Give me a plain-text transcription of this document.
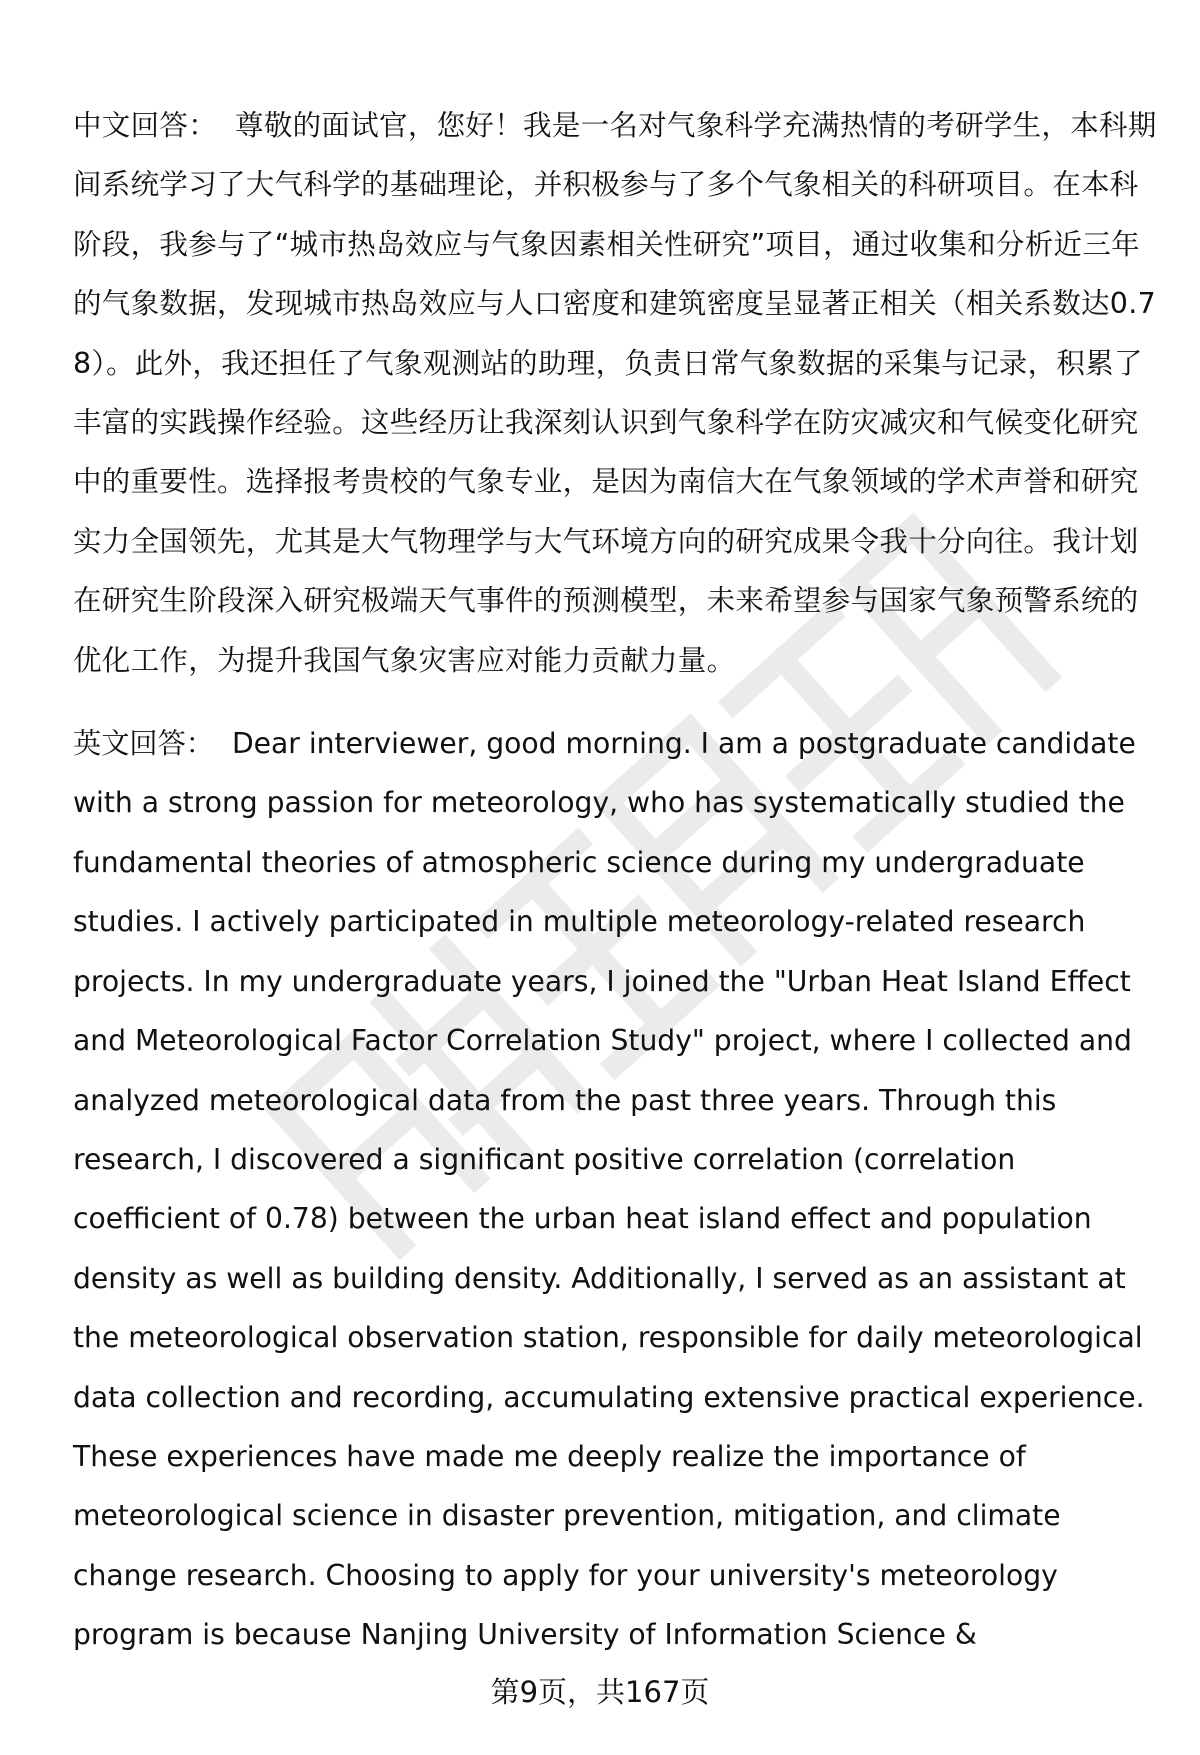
中文回答： 尊敬的面试官，您好！我是一名对气象科学充满热情的考研学生，本科期间系统学习了大气科学的基础理论，并积极参与了多个气象相关的科研项目。在本科阶段，我参与了“城市热岛效应与气象因素相关性研究”项目，通过收集和分析近三年的气象数据，发现城市热岛效应与人口密度和建筑密度呈显著正相关（相关系数达0.78）。此外，我还担任了气象观测站的助理，负责日常气象数据的采集与记录，积累了丰富的实践操作经验。这些经历让我深刻认识到气象科学在防灾减灾和气候变化研究中的重要性。选择报考贵校的气象专业，是因为南信大在气象领域的学术声誉和研究实力全国领先，尤其是大气物理学与大气环境方向的研究成果令我十分向往。我计划在研究生阶段深入研究极端天气事件的预测模型，未来希望参与国家气象预警系统的优化工作，为提升我国气象灾害应对能力贡献力量。

英文回答： Dear interviewer, good morning. I am a postgraduate candidate with a strong passion for meteorology, who has systematically studied the fundamental theories of atmospheric science during my undergraduate studies. I actively participated in multiple meteorology-related research projects. In my undergraduate years, I joined the "Urban Heat Island Effect and Meteorological Factor Correlation Study" project, where I collected and analyzed meteorological data from the past three years. Through this research, I discovered a significant positive correlation (correlation coefficient of 0.78) between the urban heat island effect and population density as well as building density. Additionally, I served as an assistant at the meteorological observation station, responsible for daily meteorological data collection and recording, accumulating extensive practical experience. These experiences have made me deeply realize the importance of meteorological science in disaster prevention, mitigation, and climate change research. Choosing to apply for your university's meteorology program is because Nanjing University of Information Science &

第9页，共167页
